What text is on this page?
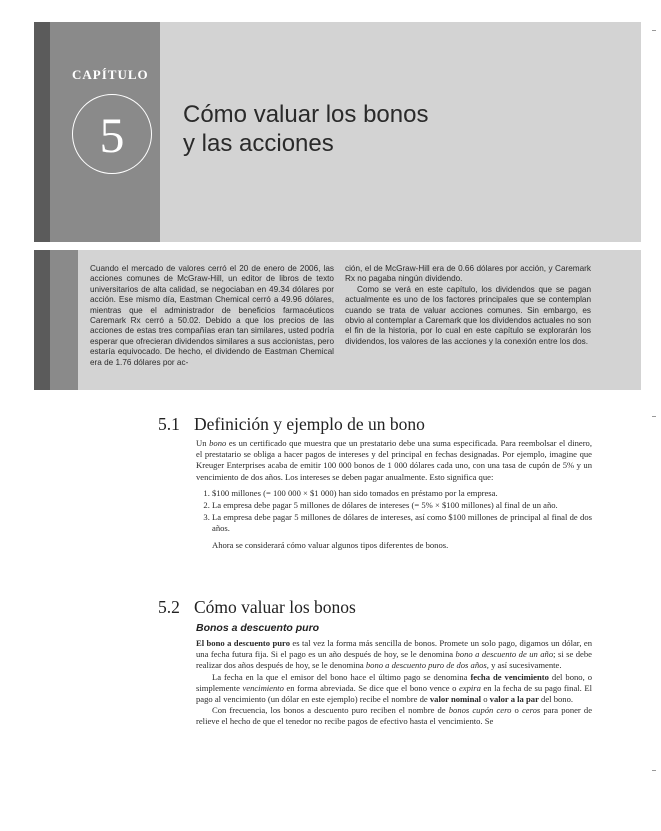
CAPÍTULO
5 Cómo valuar los bonos
y las acciones

Cuando el mercado de valores cerró el 20 de enero de 2006, las acciones comunes de McGraw-Hill, un editor de libros de texto universitarios de alta calidad, se negociaban en 49.34 dólares por acción. Ese mismo día, Eastman Chemical cerró a 49.96 dólares, mientras que el administrador de beneficios farmacéuticos Caremark Rx cerró a 50.02. Debido a que los precios de las acciones de estas tres compañías eran tan similares, usted podría esperar que ofrecieran dividendos similares a sus accionistas, pero estaría equivocado. De hecho, el dividendo de Eastman Chemical era de 1.76 dólares por ac-

ción, el de McGraw-Hill era de 0.66 dólares por acción, y Caremark Rx no pagaba ningún dividendo.

Como se verá en este capítulo, los dividendos que se pagan actualmente es uno de los factores principales que se contemplan cuando se trata de valuar acciones comunes. Sin embargo, es obvio al contemplar a Caremark que los dividendos actuales no son el fin de la historia, por lo cual en este capítulo se explorarán los dividendos, los valores de las acciones y la conexión entre los dos.

5.1 Definición y ejemplo de un bono

Un bono es un certificado que muestra que un prestatario debe una suma especificada. Para reembolsar el dinero, el prestatario se obliga a hacer pagos de intereses y del principal en fechas designadas. Por ejemplo, imagine que Kreuger Enterprises acaba de emitir 100 000 bonos de 1 000 dólares cada uno, con una tasa de cupón de 5% y un vencimiento de dos años. Los intereses se deben pagar anualmente. Esto significa que:

1. $100 millones (= 100 000 × $1 000) han sido tomados en préstamo por la empresa.
2. La empresa debe pagar 5 millones de dólares de intereses (= 5% × $100 millones) al final de un año.
3. La empresa debe pagar 5 millones de dólares de intereses, así como $100 millones de principal al final de dos años.

Ahora se considerará cómo valuar algunos tipos diferentes de bonos.

5.2 Cómo valuar los bonos
Bonos a descuento puro

El bono a descuento puro es tal vez la forma más sencilla de bonos. Promete un solo pago, digamos un dólar, en una fecha futura fija. Si el pago es un año después de hoy, se le denomina bono a descuento de un año; si se debe realizar dos años después de hoy, se le denomina bono a descuento puro de dos años, y así sucesivamente.

La fecha en la que el emisor del bono hace el último pago se denomina fecha de vencimiento del bono, o simplemente vencimiento en forma abreviada. Se dice que el bono vence o expira en la fecha de su pago final. El pago al vencimiento (un dólar en este ejemplo) recibe el nombre de valor nominal o valor a la par del bono.

Con frecuencia, los bonos a descuento puro reciben el nombre de bonos cupón cero o ceros para poner de relieve el hecho de que el tenedor no recibe pagos de efectivo hasta el vencimiento. Se
